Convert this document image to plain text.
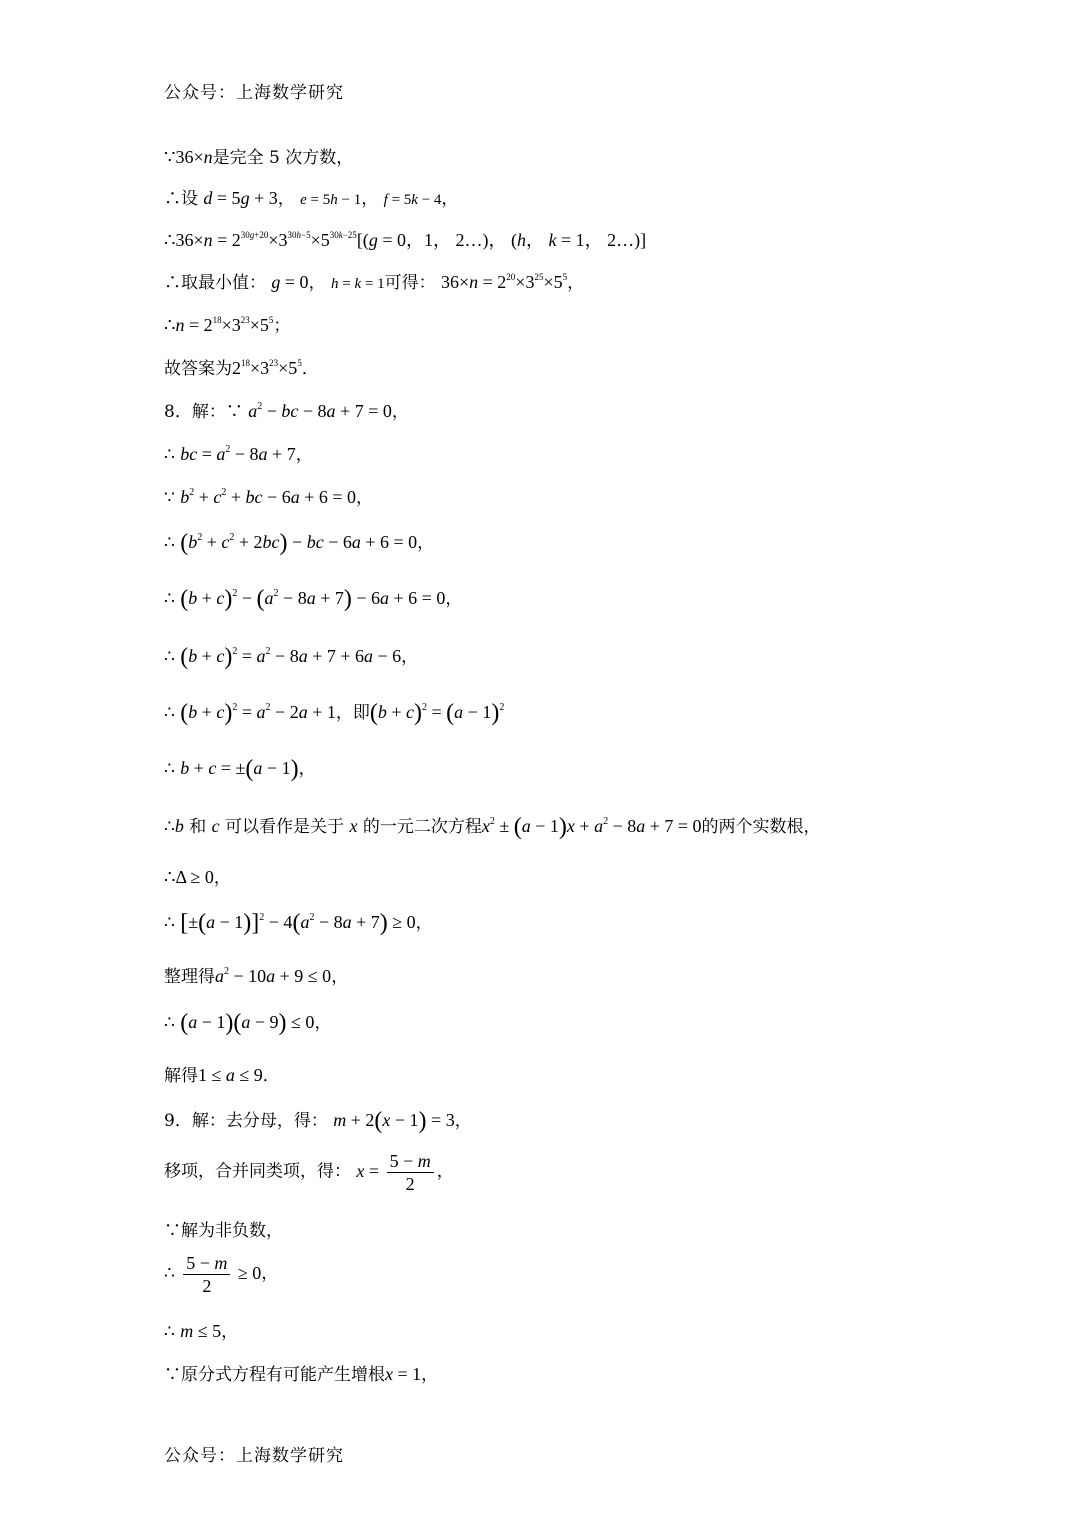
公众号：上海数学研究
∵36×n是完全 5 次方数，
∴设 d = 5g + 3， e = 5h − 1， f = 5k − 4，
∴36×n = $2^{30g+20}\times 3^{30h-5}\times 5^{30k-25}[(g = 0$，1， 2…)， (h， k = 1， 2…)]
∴取最小值： g = 0， h = k = 1可得： $36\times n = 2^{20}\times 3^{25}\times 5^5$，
∴n = $2^{18}\times 3^{23}\times 5^5$；
故答案为$2^{18}\times 3^{23}\times 5^5$．
8．解：∵ $a^2$ − bc − 8a + 7 = 0，
∴ bc = $a^2 - 8a + 7$，
∵ $b^2 + c^2$ + bc − 6a + 6 = 0，
∴ $(b^2 + c^2 + 2bc)$ − bc − 6a + 6 = 0，
∴ $(b + c)^2 - (a^2 - 8a + 7) - 6a + 6 = 0$，
∴ $(b + c)^2 = a^2 - 8a + 7 + 6a - 6$，
∴ $(b + c)^2 = a^2 - 2a + 1$，即$(b + c)^2 = (a - 1)^2$
∴ b + c = ±(a − 1)，
∴b 和 c 可以看作是关于 x 的一元二次方程$x^2 \pm (a - 1)x + a^2 - 8a + 7 = 0$的两个实数根，
∴Δ ≥ 0，
∴ $[\pm(a - 1)]^2 - 4(a^2 - 8a + 7) \ge 0$，
整理得$a^2 - 10a + 9 \le 0$，
∴ (a − 1)(a − 9) ≤ 0，
解得1 ≤ a ≤ 9．
9．解：去分母，得： m + 2(x − 1) = 3，
移项，合并同类项，得： $x = \frac{5 - m}{2}$ ，
∵解为非负数，
∴ $\frac{5 - m}{2} \ge 0$，
∴ m ≤ 5，
∵原分式方程有可能产生增根x = 1，
公众号：上海数学研究
